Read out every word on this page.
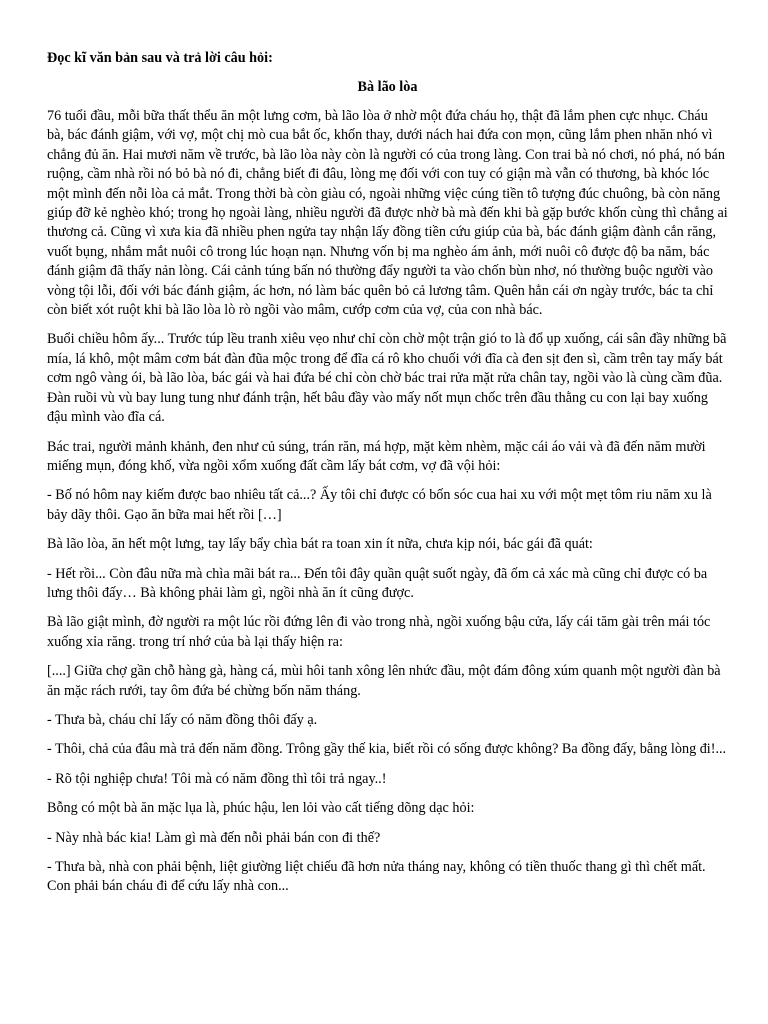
Đọc kĩ văn bản sau và trả lời câu hỏi:
Bà lão lòa

76 tuổi đầu, mỗi bữa thất thểu ăn một lưng cơm, bà lão lòa ở nhờ một đứa cháu họ, thật đã lắm phen cực nhục. Cháu bà, bác đánh giậm, với vợ, một chị mò cua bắt ốc, khốn thay, dưới nách hai đứa con mọn, cũng lắm phen nhăn nhó vì chẳng đủ ăn. Hai mươi năm về trước, bà lão lòa này còn là người có của trong làng. Con trai bà nó chơi, nó phá, nó bán ruộng, cầm nhà rồi nó bỏ bà nó đi, chẳng biết đi đâu, lòng mẹ đối với con tuy có giận mà vẫn có thương, bà khóc lóc một mình đến nỗi lòa cả mắt. Trong thời bà còn giàu có, ngoài những việc cúng tiền tô tượng đúc chuông, bà còn năng giúp đỡ kẻ nghèo khó; trong họ ngoài làng, nhiều người đã được nhờ bà mà đến khi bà gặp bước khốn cùng thì chẳng ai thương cả. Cũng vì xưa kia đã nhiều phen ngửa tay nhận lấy đồng tiền cứu giúp của bà, bác đánh giậm đành cắn răng, vuốt bụng, nhắm mắt nuôi cô trong lúc hoạn nạn. Nhưng vốn bị ma nghèo ám ảnh, mới nuôi cô được độ ba năm, bác đánh giậm đã thấy nản lòng. Cái cảnh túng bấn nó thường đẩy người ta vào chốn bùn nhơ, nó thường buộc người vào vòng tội lỗi, đối với bác đánh giậm, ác hơn, nó làm bác quên bỏ cả lương tâm. Quên hẳn cái ơn ngày trước, bác ta chỉ còn biết xót ruột khi bà lão lòa lò rò ngồi vào mâm, cướp cơm của vợ, của con nhà bác.

Buổi chiều hôm ấy... Trước túp lều tranh xiêu vẹo như chỉ còn chờ một trận gió to là đổ ụp xuống, cái sân đầy những bã mía, lá khô, một mâm cơm bát đàn đũa mộc trong để đĩa cá rô kho chuối với đĩa cà đen sịt đen sì, cầm trên tay mấy bát cơm ngô vàng ói, bà lão lòa, bác gái và hai đứa bé chỉ còn chờ bác trai rửa mặt rửa chân tay, ngồi vào là cùng cầm đũa. Đàn ruồi vù vù bay lung tung như đánh trận, hết bâu đầy vào mấy nốt mụn chốc trên đầu thằng cu con lại bay xuống đậu mình vào đĩa cá.

Bác trai, người mảnh khảnh, đen như củ súng, trán răn, má hợp, mặt kèm nhèm, mặc cái áo vải và đã đến năm mười miếng mụn, đóng khố, vừa ngồi xổm xuống đất cầm lấy bát cơm, vợ đã vội hỏi:

- Bố nó hôm nay kiếm được bao nhiêu tất cả...? Ấy tôi chỉ được có bốn sóc cua hai xu với một mẹt tôm riu năm xu là bảy dãy thôi. Gạo ăn bữa mai hết rồi […]

Bà lão lòa, ăn hết một lưng, tay lẩy bẩy chìa bát ra toan xin ít nữa, chưa kịp nói, bác gái đã quát:

- Hết rồi... Còn đâu nữa mà chìa mãi bát ra... Đến tôi đây quần quật suốt ngày, đã ốm cả xác mà cũng chỉ được có ba lưng thôi đấy… Bà không phải làm gì, ngồi nhà ăn ít cũng được.

Bà lão giật mình, đờ người ra một lúc rồi đứng lên đi vào trong nhà, ngồi xuống bậu cửa, lấy cái tăm gài trên mái tóc xuống xỉa răng. trong trí nhớ của bà lại thấy hiện ra:

[....] Giữa chợ gần chỗ hàng gà, hàng cá, mùi hôi tanh xông lên nhức đầu, một đám đông xúm quanh một người đàn bà ăn mặc rách rưới, tay ôm đứa bé chừng bốn năm tháng.

- Thưa bà, cháu chỉ lấy có năm đồng thôi đấy ạ.

- Thôi, chả của đâu mà trả đến năm đồng. Trông gầy thế kia, biết rồi có sống được không? Ba đồng đấy, bằng lòng đi!...

- Rõ tội nghiệp chưa! Tôi mà có năm đồng thì tôi trả ngay..!

Bỗng có một bà ăn mặc lụa là, phúc hậu, len lỏi vào cất tiếng dõng dạc hỏi:

- Này nhà bác kia! Làm gì mà đến nỗi phải bán con đi thế?

- Thưa bà, nhà con phải bệnh, liệt giường liệt chiếu đã hơn nửa tháng nay, không có tiền thuốc thang gì thì chết mất. Con phải bán cháu đi để cứu lấy nhà con...
